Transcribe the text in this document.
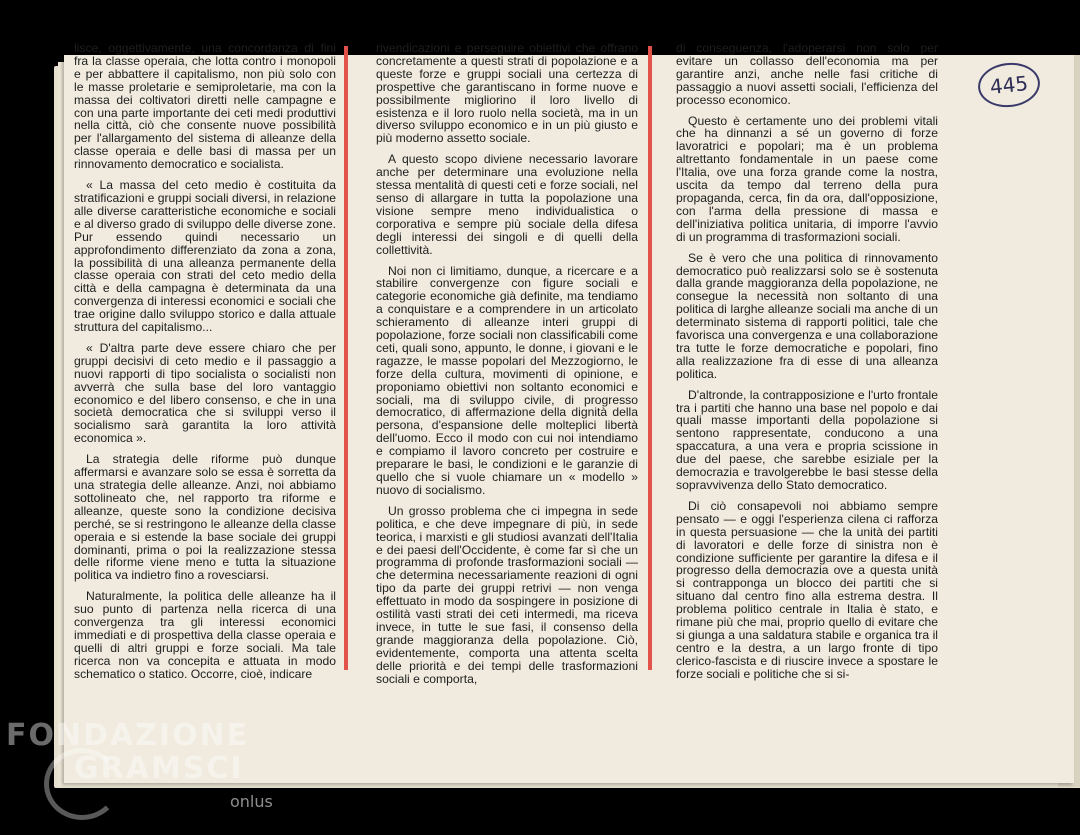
445

lisce, oggettivamente, una concordanza di fini fra la classe operaia, che lotta contro i monopoli e per abbattere il capitalismo, non più solo con le masse proletarie e semiproletarie, ma con la massa dei coltivatori diretti nelle campagne e con una parte importante dei ceti medi produttivi nella città, ciò che consente nuove possibilità per l'allargamento del sistema di alleanze della classe operaia e delle basi di massa per un rinnovamento democratico e socialista.

« La massa del ceto medio è costituita da stratificazioni e gruppi sociali diversi, in relazione alle diverse caratteristiche economiche e sociali e al diverso grado di sviluppo delle diverse zone. Pur essendo quindi necessario un approfondimento differenziato da zona a zona, la possibilità di una alleanza permanente della classe operaia con strati del ceto medio della città e della campagna è determinata da una convergenza di interessi economici e sociali che trae origine dallo sviluppo storico e dalla attuale struttura del capitalismo...

« D'altra parte deve essere chiaro che per gruppi decisivi di ceto medio e il passaggio a nuovi rapporti di tipo socialista o socialisti non avverrà che sulla base del loro vantaggio economico e del libero consenso, e che in una società democratica che si sviluppi verso il socialismo sarà garantita la loro attività economica ».

La strategia delle riforme può dunque affermarsi e avanzare solo se essa è sorretta da una strategia delle alleanze. Anzi, noi abbiamo sottolineato che, nel rapporto tra riforme e alleanze, queste sono la condizione decisiva perché, se si restringono le alleanze della classe operaia e si estende la base sociale dei gruppi dominanti, prima o poi la realizzazione stessa delle riforme viene meno e tutta la situazione politica va indietro fino a rovesciarsi.

Naturalmente, la politica delle alleanze ha il suo punto di partenza nella ricerca di una convergenza tra gli interessi economici immediati e di prospettiva della classe operaia e quelli di altri gruppi e forze sociali. Ma tale ricerca non va concepita e attuata in modo schematico o statico. Occorre, cioè, indicare

rivendicazioni e perseguire obiettivi che offrano concretamente a questi strati di popolazione e a queste forze e gruppi sociali una certezza di prospettive che garantiscano in forme nuove e possibilmente migliorino il loro livello di esistenza e il loro ruolo nella società, ma in un diverso sviluppo economico e in un più giusto e più moderno assetto sociale.

A questo scopo diviene necessario lavorare anche per determinare una evoluzione nella stessa mentalità di questi ceti e forze sociali, nel senso di allargare in tutta la popolazione una visione sempre meno individualistica o corporativa e sempre più sociale della difesa degli interessi dei singoli e di quelli della collettività.

Noi non ci limitiamo, dunque, a ricercare e a stabilire convergenze con figure sociali e categorie economiche già definite, ma tendiamo a conquistare e a comprendere in un articolato schieramento di alleanze interi gruppi di popolazione, forze sociali non classificabili come ceti, quali sono, appunto, le donne, i giovani e le ragazze, le masse popolari del Mezzogiorno, le forze della cultura, movimenti di opinione, e proponiamo obiettivi non soltanto economici e sociali, ma di sviluppo civile, di progresso democratico, di affermazione della dignità della persona, d'espansione delle molteplici libertà dell'uomo. Ecco il modo con cui noi intendiamo e compiamo il lavoro concreto per costruire e preparare le basi, le condizioni e le garanzie di quello che si vuole chiamare un « modello » nuovo di socialismo.

Un grosso problema che ci impegna in sede politica, e che deve impegnare di più, in sede teorica, i marxisti e gli studiosi avanzati dell'Italia e dei paesi dell'Occidente, è come far sì che un programma di profonde trasformazioni sociali — che determina necessariamente reazioni di ogni tipo da parte dei gruppi retrivi — non venga effettuato in modo da sospingere in posizione di ostilità vasti strati dei ceti intermedi, ma riceva invece, in tutte le sue fasi, il consenso della grande maggioranza della popolazione. Ciò, evidentemente, comporta una attenta scelta delle priorità e dei tempi delle trasformazioni sociali e comporta,

di conseguenza, l'adoperarsi non solo per evitare un collasso dell'economia ma per garantire anzi, anche nelle fasi critiche di passaggio a nuovi assetti sociali, l'efficienza del processo economico.

Questo è certamente uno dei problemi vitali che ha dinnanzi a sé un governo di forze lavoratrici e popolari; ma è un problema altrettanto fondamentale in un paese come l'Italia, ove una forza grande come la nostra, uscita da tempo dal terreno della pura propaganda, cerca, fin da ora, dall'opposizione, con l'arma della pressione di massa e dell'iniziativa politica unitaria, di imporre l'avvio di un programma di trasformazioni sociali.

Se è vero che una politica di rinnovamento democratico può realizzarsi solo se è sostenuta dalla grande maggioranza della popolazione, ne consegue la necessità non soltanto di una politica di larghe alleanze sociali ma anche di un determinato sistema di rapporti politici, tale che favorisca una convergenza e una collaborazione tra tutte le forze democratiche e popolari, fino alla realizzazione fra di esse di una alleanza politica.

D'altronde, la contrapposizione e l'urto frontale tra i partiti che hanno una base nel popolo e dai quali masse importanti della popolazione si sentono rappresentate, conducono a una spaccatura, a una vera e propria scissione in due del paese, che sarebbe esiziale per la democrazia e travolgerebbe le basi stesse della sopravvivenza dello Stato democratico.

Di ciò consapevoli noi abbiamo sempre pensato — e oggi l'esperienza cilena ci rafforza in questa persuasione — che la unità dei partiti di lavoratori e delle forze di sinistra non è condizione sufficiente per garantire la difesa e il progresso della democrazia ove a questa unità si contrapponga un blocco dei partiti che si situano dal centro fino alla estrema destra. Il problema politico centrale in Italia è stato, e rimane più che mai, proprio quello di evitare che si giunga a una saldatura stabile e organica tra il centro e la destra, a un largo fronte di tipo clerico-fascista e di riuscire invece a spostare le forze sociali e politiche che si si-

FONDAZIONE
GRAMSCI
onlus
